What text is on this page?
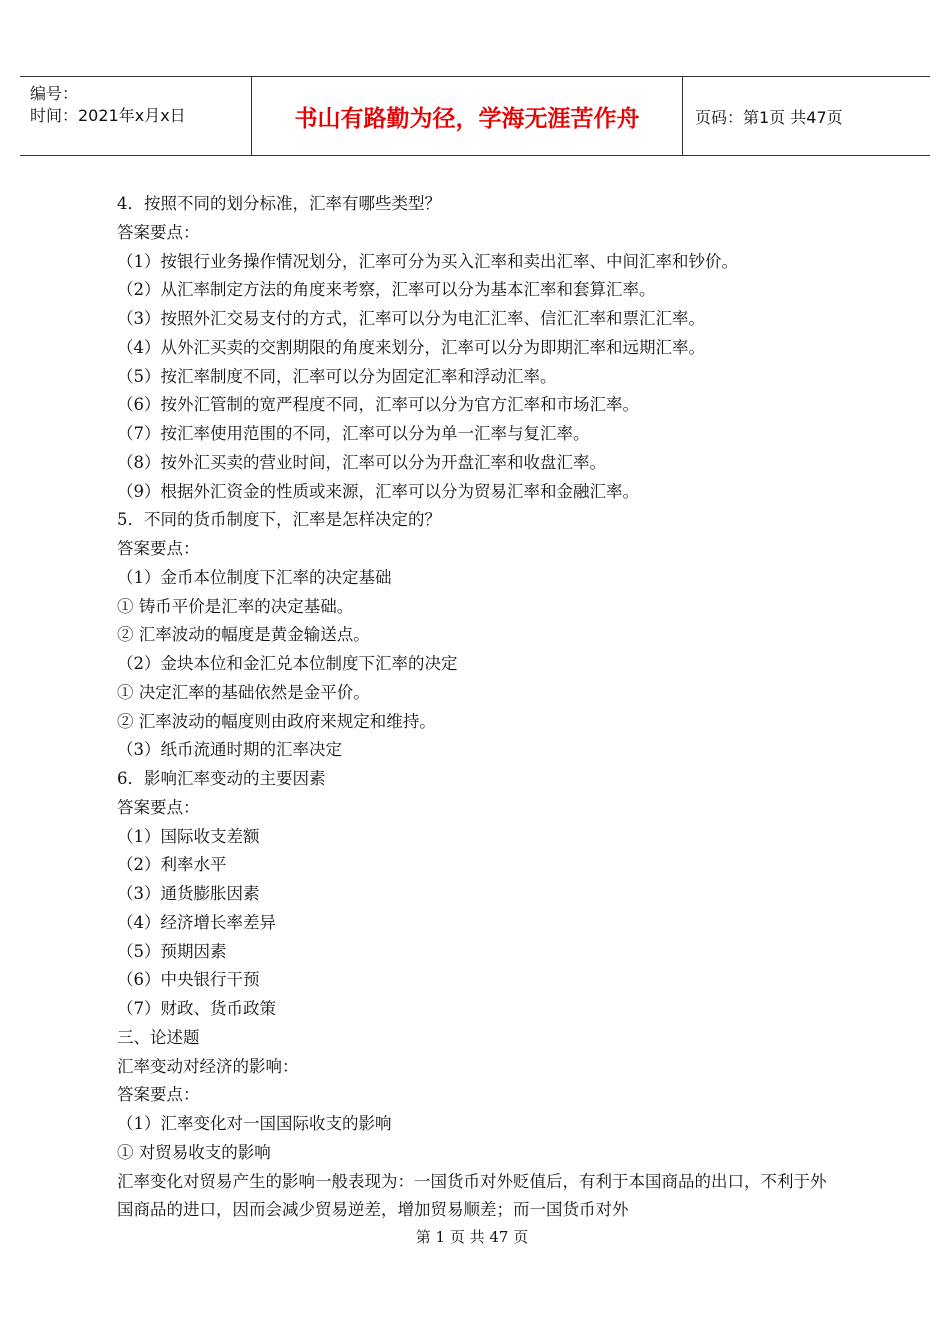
编号：
时间：2021年x月x日	书山有路勤为径，学海无涯苦作舟	页码：第1页 共47页
4．按照不同的划分标准，汇率有哪些类型？
答案要点：
（1）按银行业务操作情况划分，汇率可分为买入汇率和卖出汇率、中间汇率和钞价。
（2）从汇率制定方法的角度来考察，汇率可以分为基本汇率和套算汇率。
（3）按照外汇交易支付的方式，汇率可以分为电汇汇率、信汇汇率和票汇汇率。
（4）从外汇买卖的交割期限的角度来划分，汇率可以分为即期汇率和远期汇率。
（5）按汇率制度不同，汇率可以分为固定汇率和浮动汇率。
（6）按外汇管制的宽严程度不同，汇率可以分为官方汇率和市场汇率。
（7）按汇率使用范围的不同，汇率可以分为单一汇率与复汇率。
（8）按外汇买卖的营业时间，汇率可以分为开盘汇率和收盘汇率。
（9）根据外汇资金的性质或来源，汇率可以分为贸易汇率和金融汇率。
5．不同的货币制度下，汇率是怎样决定的？
答案要点：
（1）金币本位制度下汇率的决定基础
① 铸币平价是汇率的决定基础。
② 汇率波动的幅度是黄金输送点。
（2）金块本位和金汇兑本位制度下汇率的决定
① 决定汇率的基础依然是金平价。
② 汇率波动的幅度则由政府来规定和维持。
（3）纸币流通时期的汇率决定
6．影响汇率变动的主要因素
答案要点：
（1）国际收支差额
（2）利率水平
（3）通货膨胀因素
（4）经济增长率差异
（5）预期因素
（6）中央银行干预
（7）财政、货币政策
三、论述题
汇率变动对经济的影响：
答案要点：
（1）汇率变化对一国国际收支的影响
① 对贸易收支的影响
汇率变化对贸易产生的影响一般表现为：一国货币对外贬值后，有利于本国商品的出口，不利于外国商品的进口，因而会减少贸易逆差，增加贸易顺差；而一国货币对外
第 1 页 共 47 页
